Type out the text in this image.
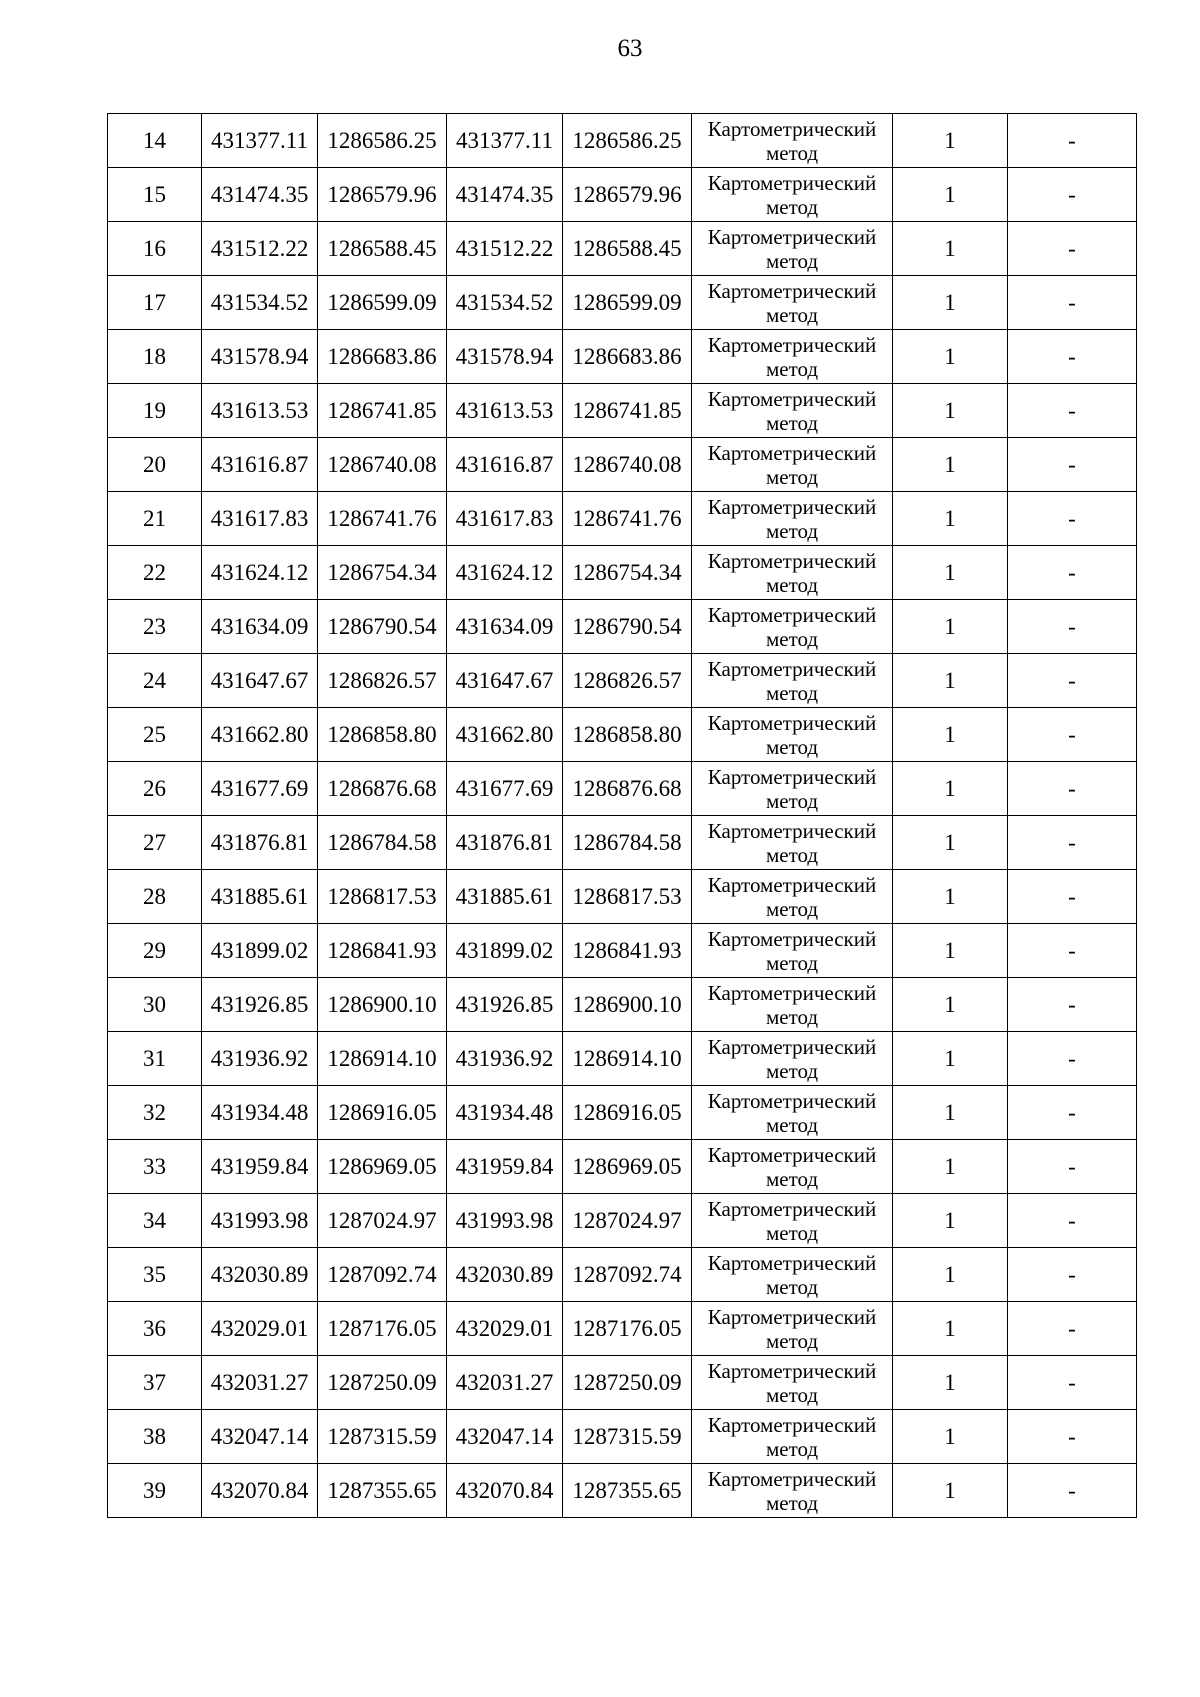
63
14	431377.11	1286586.25	431377.11	1286586.25	Картометрический
метод	1	-
15	431474.35	1286579.96	431474.35	1286579.96	Картометрический
метод	1	-
16	431512.22	1286588.45	431512.22	1286588.45	Картометрический
метод	1	-
17	431534.52	1286599.09	431534.52	1286599.09	Картометрический
метод	1	-
18	431578.94	1286683.86	431578.94	1286683.86	Картометрический
метод	1	-
19	431613.53	1286741.85	431613.53	1286741.85	Картометрический
метод	1	-
20	431616.87	1286740.08	431616.87	1286740.08	Картометрический
метод	1	-
21	431617.83	1286741.76	431617.83	1286741.76	Картометрический
метод	1	-
22	431624.12	1286754.34	431624.12	1286754.34	Картометрический
метод	1	-
23	431634.09	1286790.54	431634.09	1286790.54	Картометрический
метод	1	-
24	431647.67	1286826.57	431647.67	1286826.57	Картометрический
метод	1	-
25	431662.80	1286858.80	431662.80	1286858.80	Картометрический
метод	1	-
26	431677.69	1286876.68	431677.69	1286876.68	Картометрический
метод	1	-
27	431876.81	1286784.58	431876.81	1286784.58	Картометрический
метод	1	-
28	431885.61	1286817.53	431885.61	1286817.53	Картометрический
метод	1	-
29	431899.02	1286841.93	431899.02	1286841.93	Картометрический
метод	1	-
30	431926.85	1286900.10	431926.85	1286900.10	Картометрический
метод	1	-
31	431936.92	1286914.10	431936.92	1286914.10	Картометрический
метод	1	-
32	431934.48	1286916.05	431934.48	1286916.05	Картометрический
метод	1	-
33	431959.84	1286969.05	431959.84	1286969.05	Картометрический
метод	1	-
34	431993.98	1287024.97	431993.98	1287024.97	Картометрический
метод	1	-
35	432030.89	1287092.74	432030.89	1287092.74	Картометрический
метод	1	-
36	432029.01	1287176.05	432029.01	1287176.05	Картометрический
метод	1	-
37	432031.27	1287250.09	432031.27	1287250.09	Картометрический
метод	1	-
38	432047.14	1287315.59	432047.14	1287315.59	Картометрический
метод	1	-
39	432070.84	1287355.65	432070.84	1287355.65	Картометрический
метод	1	-
